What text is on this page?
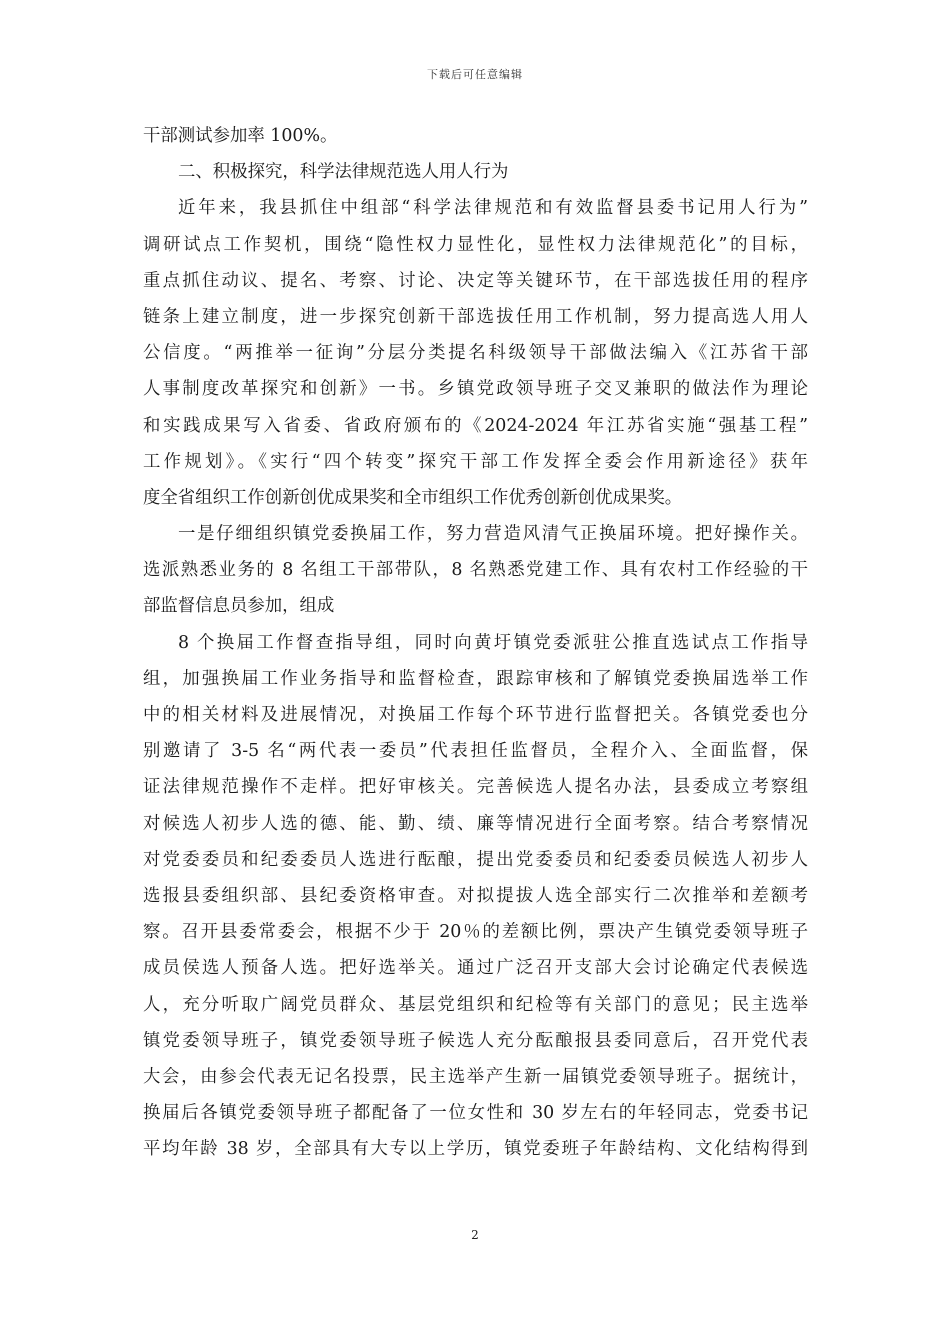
下载后可任意编辑
干部测试参加率 100%。
二、积极探究，科学法律规范选人用人行为
近年来，我县抓住中组部“科学法律规范和有效监督县委书记用人行为”
调研试点工作契机，围绕“隐性权力显性化，显性权力法律规范化”的目标，
重点抓住动议、提名、考察、讨论、决定等关键环节，在干部选拔任用的程序
链条上建立制度，进一步探究创新干部选拔任用工作机制，努力提高选人用人
公信度。“两推举一征询”分层分类提名科级领导干部做法编入《江苏省干部
人事制度改革探究和创新》一书。乡镇党政领导班子交叉兼职的做法作为理论
和实践成果写入省委、省政府颁布的《2024-2024 年江苏省实施“强基工程”
工作规划》。《实行“四个转变”探究干部工作发挥全委会作用新途径》获年
度全省组织工作创新创优成果奖和全市组织工作优秀创新创优成果奖。
一是仔细组织镇党委换届工作，努力营造风清气正换届环境。把好操作关。
选派熟悉业务的 8 名组工干部带队，8 名熟悉党建工作、具有农村工作经验的干
部监督信息员参加，组成
8 个换届工作督查指导组，同时向黄圩镇党委派驻公推直选试点工作指导
组，加强换届工作业务指导和监督检查，跟踪审核和了解镇党委换届选举工作
中的相关材料及进展情况，对换届工作每个环节进行监督把关。各镇党委也分
别邀请了 3-5 名“两代表一委员”代表担任监督员，全程介入、全面监督，保
证法律规范操作不走样。把好审核关。完善候选人提名办法，县委成立考察组
对候选人初步人选的德、能、勤、绩、廉等情况进行全面考察。结合考察情况
对党委委员和纪委委员人选进行酝酿，提出党委委员和纪委委员候选人初步人
选报县委组织部、县纪委资格审查。对拟提拔人选全部实行二次推举和差额考
察。召开县委常委会，根据不少于 20％的差额比例，票决产生镇党委领导班子
成员侯选人预备人选。把好选举关。通过广泛召开支部大会讨论确定代表候选
人，充分听取广阔党员群众、基层党组织和纪检等有关部门的意见；民主选举
镇党委领导班子，镇党委领导班子候选人充分酝酿报县委同意后，召开党代表
大会，由参会代表无记名投票，民主选举产生新一届镇党委领导班子。据统计，
换届后各镇党委领导班子都配备了一位女性和 30 岁左右的年轻同志，党委书记
平均年龄 38 岁，全部具有大专以上学历，镇党委班子年龄结构、文化结构得到
2
